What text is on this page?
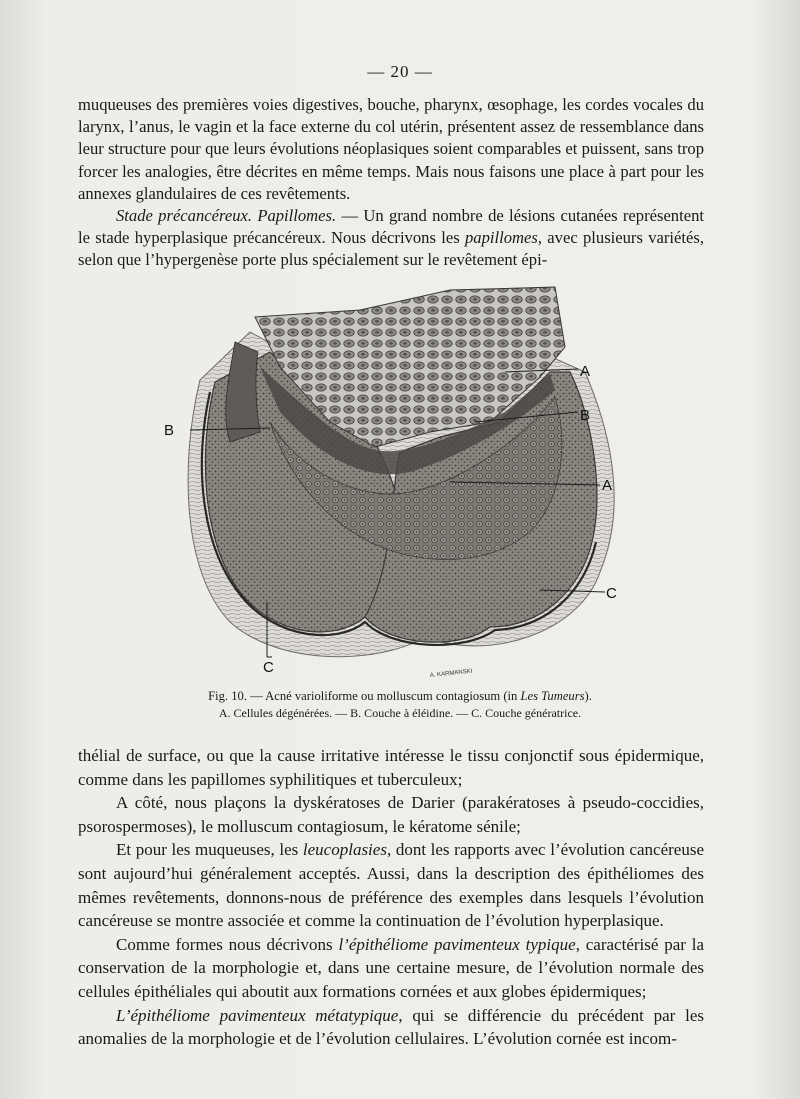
— 20 —

muqueuses des premières voies digestives, bouche, pharynx, œsophage, les cordes vocales du larynx, l’anus, le vagin et la face externe du col utérin, présentent assez de ressemblance dans leur structure pour que leurs évolutions néoplasiques soient comparables et puissent, sans trop forcer les analogies, être décrites en même temps. Mais nous faisons une place à part pour les annexes glandulaires de ces revêtements.

Stade précancéreux. Papillomes. — Un grand nombre de lésions cutanées représentent le stade hyperplasique précancéreux. Nous décrivons les papillomes, avec plusieurs variétés, selon que l’hypergenèse porte plus spécialement sur le revêtement épi-

A
B
A
C
B
C	A. KARMANSKI
Fig. 10. — Acné varioliforme ou molluscum contagiosum (in Les Tumeurs).
A. Cellules dégénérées. — B. Couche à éléidine. — C. Couche génératrice.

thélial de surface, ou que la cause irritative intéresse le tissu conjonctif sous épidermique, comme dans les papillomes syphilitiques et tuberculeux;

A côté, nous plaçons la dyskératoses de Darier (parakératoses à pseudo-coccidies, psorospermoses), le molluscum contagiosum, le kératome sénile;

Et pour les muqueuses, les leucoplasies, dont les rapports avec l’évolution cancéreuse sont aujourd’hui généralement acceptés. Aussi, dans la description des épithéliomes des mêmes revêtements, donnons-nous de préférence des exemples dans lesquels l’évolution cancéreuse se montre associée et comme la continuation de l’évolution hyperplasique.

Comme formes nous décrivons l’épithéliome pavimenteux typique, caractérisé par la conservation de la morphologie et, dans une certaine mesure, de l’évolution normale des cellules épithéliales qui aboutit aux formations cornées et aux globes épidermiques;

L’épithéliome pavimenteux métatypique, qui se différencie du précédent par les anomalies de la morphologie et de l’évolution cellulaires. L’évolution cornée est incom-
